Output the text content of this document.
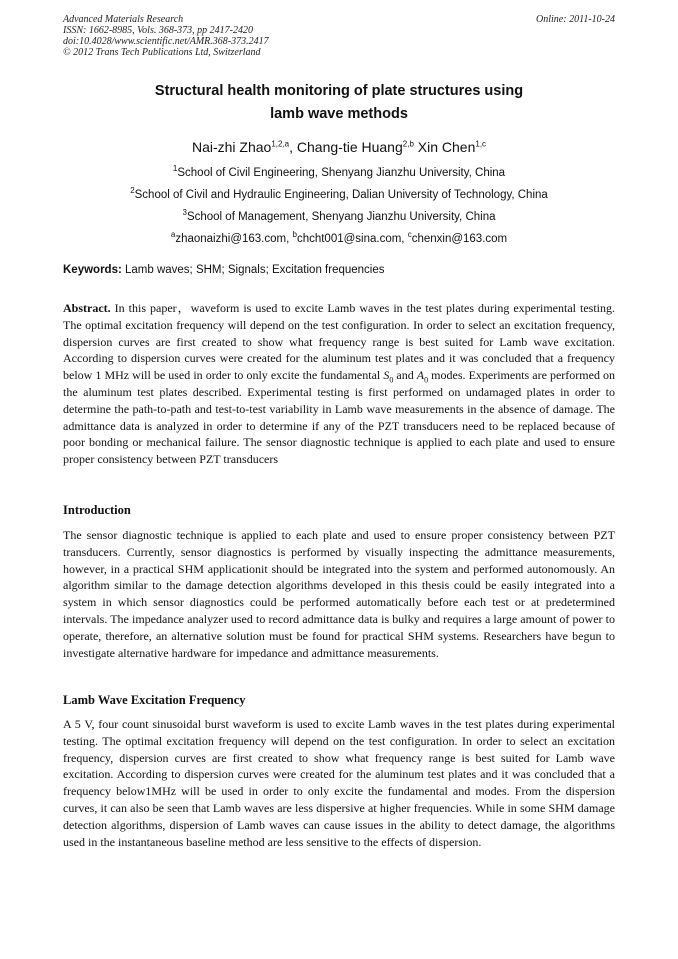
Advanced Materials Research
ISSN: 1662-8985, Vols. 368-373, pp 2417-2420
doi:10.4028/www.scientific.net/AMR.368-373.2417
© 2012 Trans Tech Publications Ltd, Switzerland
Online: 2011-10-24
Structural health monitoring of plate structures using
lamb wave methods
Nai-zhi Zhao$^{1,2,a}$, Chang-tie Huang$^{2,b}$ Xin Chen$^{1,c}$
$^1$School of Civil Engineering, Shenyang Jianzhu University, China
$^2$School of Civil and Hydraulic Engineering, Dalian University of Technology, China
$^3$School of Management, Shenyang Jianzhu University, China
$^a$zhaonaizhi@163.com, $^b$chcht001@sina.com, $^c$chenxin@163.com
Keywords: Lamb waves; SHM; Signals; Excitation frequencies
Abstract. In this paper，waveform is used to excite Lamb waves in the test plates during experimental testing. The optimal excitation frequency will depend on the test configuration. In order to select an excitation frequency, dispersion curves are first created to show what frequency range is best suited for Lamb wave excitation. According to dispersion curves were created for the aluminum test plates and it was concluded that a frequency below 1 MHz will be used in order to only excite the fundamental $S_0$ and $A_0$ modes. Experiments are performed on the aluminum test plates described. Experimental testing is first performed on undamaged plates in order to determine the path-to-path and test-to-test variability in Lamb wave measurements in the absence of damage. The admittance data is analyzed in order to determine if any of the PZT transducers need to be replaced because of poor bonding or mechanical failure. The sensor diagnostic technique is applied to each plate and used to ensure proper consistency between PZT transducers
Introduction
The sensor diagnostic technique is applied to each plate and used to ensure proper consistency between PZT transducers. Currently, sensor diagnostics is performed by visually inspecting the admittance measurements, however, in a practical SHM applicationit should be integrated into the system and performed autonomously. An algorithm similar to the damage detection algorithms developed in this thesis could be easily integrated into a system in which sensor diagnostics could be performed automatically before each test or at predetermined intervals. The impedance analyzer used to record admittance data is bulky and requires a large amount of power to operate, therefore, an alternative solution must be found for practical SHM systems. Researchers have begun to investigate alternative hardware for impedance and admittance measurements.
Lamb Wave Excitation Frequency
A 5 V, four count sinusoidal burst waveform is used to excite Lamb waves in the test plates during experimental testing. The optimal excitation frequency will depend on the test configuration. In order to select an excitation frequency, dispersion curves are first created to show what frequency range is best suited for Lamb wave excitation. According to dispersion curves were created for the aluminum test plates and it was concluded that a frequency below1MHz will be used in order to only excite the fundamental and modes. From the dispersion curves, it can also be seen that Lamb waves are less dispersive at higher frequencies. While in some SHM damage detection algorithms, dispersion of Lamb waves can cause issues in the ability to detect damage, the algorithms used in the instantaneous baseline method are less sensitive to the effects of dispersion.
